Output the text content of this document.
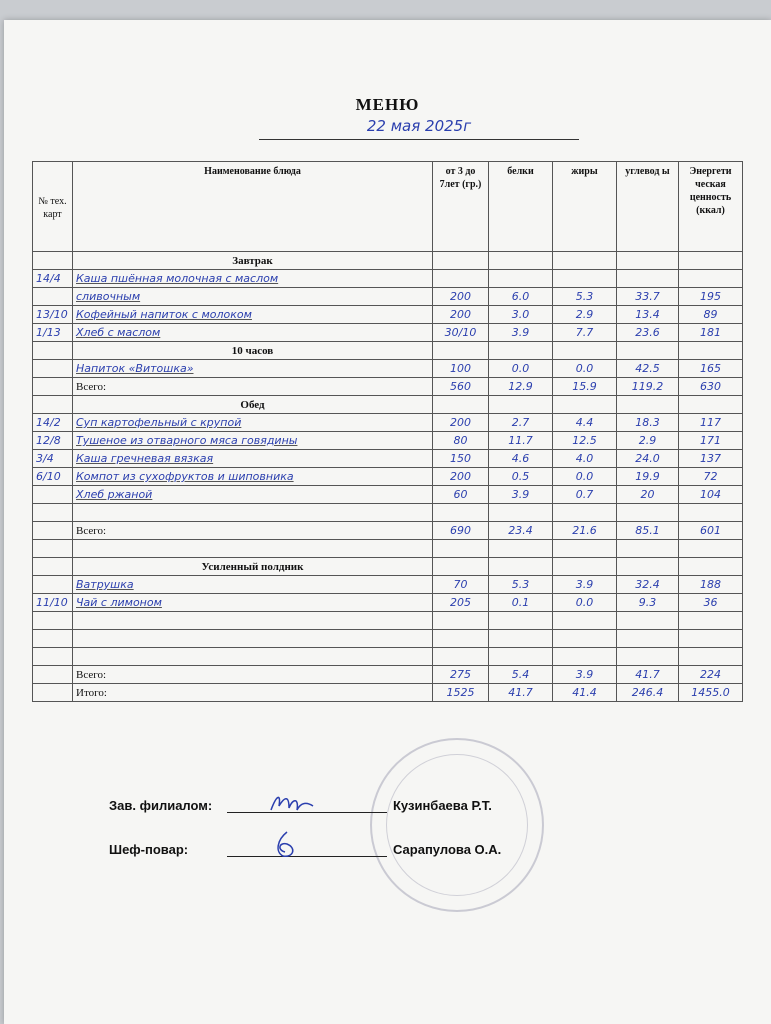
МЕНЮ
22 мая 2025г
№ тех. карт	Наименование блюда	от 3 до 7лет (гр.)	белки	жиры	углевод ы	Энергети ческая ценность (ккал)
	Завтрак					
14/4	Каша пшённая молочная с маслом					
	сливочным	200	6.0	5.3	33.7	195
13/10	Кофейный напиток с молоком	200	3.0	2.9	13.4	89
1/13	Хлеб с маслом	30/10	3.9	7.7	23.6	181
	10 часов					
	Напиток «Витошка»	100	0.0	0.0	42.5	165
	Всего:	560	12.9	15.9	119.2	630
	Обед					
14/2	Суп картофельный с крупой	200	2.7	4.4	18.3	117
12/8	Тушеное из отварного мяса говядины	80	11.7	12.5	2.9	171
3/4	Каша гречневая вязкая	150	4.6	4.0	24.0	137
6/10	Компот из сухофруктов и шиповника	200	0.5	0.0	19.9	72
	Хлеб ржаной	60	3.9	0.7	20	104

	Всего:	690	23.4	21.6	85.1	601

	Усиленный полдник					
	Ватрушка	70	5.3	3.9	32.4	188
11/10	Чай с лимоном	205	0.1	0.0	9.3	36

	Всего:	275	5.4	3.9	41.7	224
	Итого:	1525	41.7	41.4	246.4	1455.0
Зав. филиалом:	Кузинбаева Р.Т.
Шеф-повар:	Сарапулова О.А.
